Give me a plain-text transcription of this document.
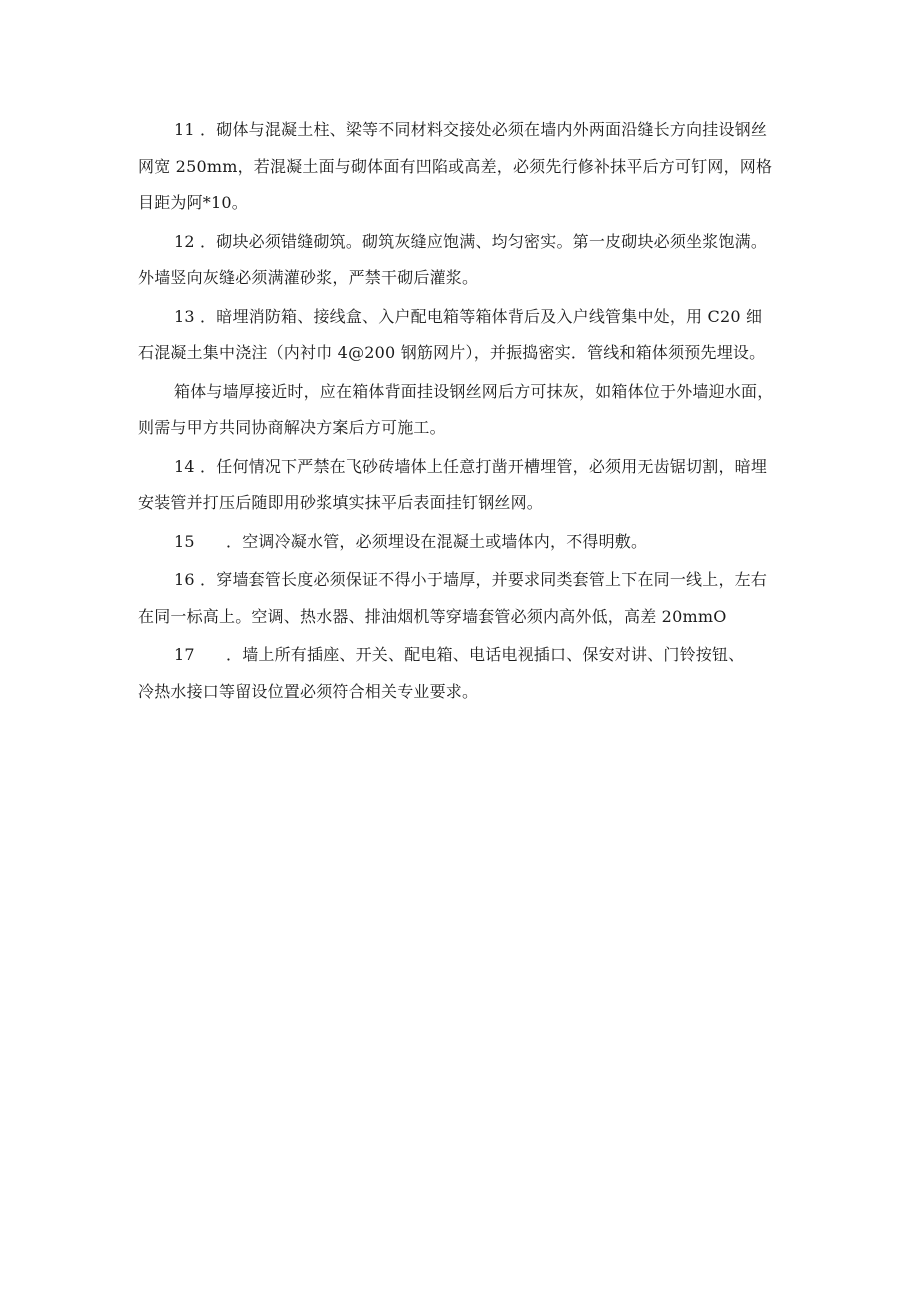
11 ．砌体与混凝土柱、梁等不同材料交接处必须在墙内外两面沿缝长方向挂设钢丝
网宽 250mm，若混凝土面与砌体面有凹陷或高差，必须先行修补抹平后方可钉网，网格
目距为阿*10。

12 ．砌块必须错缝砌筑。砌筑灰缝应饱满、均匀密实。第一皮砌块必须坐浆饱满。
外墙竖向灰缝必须满灌砂浆，严禁干砌后灌浆。

13 ．暗埋消防箱、接线盒、入户配电箱等箱体背后及入户线管集中处，用 C20 细
石混凝土集中浇注（内衬巾 4@200 钢筋网片），并振捣密实．管线和箱体须预先埋设。

箱体与墙厚接近时，应在箱体背面挂设钢丝网后方可抹灰，如箱体位于外墙迎水面，
则需与甲方共同协商解决方案后方可施工。

14 ．任何情况下严禁在飞砂砖墙体上任意打凿开槽埋管，必须用无齿锯切割，暗埋
安装管并打压后随即用砂浆填实抹平后表面挂钉钢丝网。

15 ．空调冷凝水管，必须埋设在混凝土或墙体内，不得明敷。

16 ．穿墙套管长度必须保证不得小于墙厚，并要求同类套管上下在同一线上，左右
在同一标高上。空调、热水器、排油烟机等穿墙套管必须内高外低，高差 20mmO

17 ．墙上所有插座、开关、配电箱、电话电视插口、保安对讲、门铃按钮、
冷热水接口等留设位置必须符合相关专业要求。
